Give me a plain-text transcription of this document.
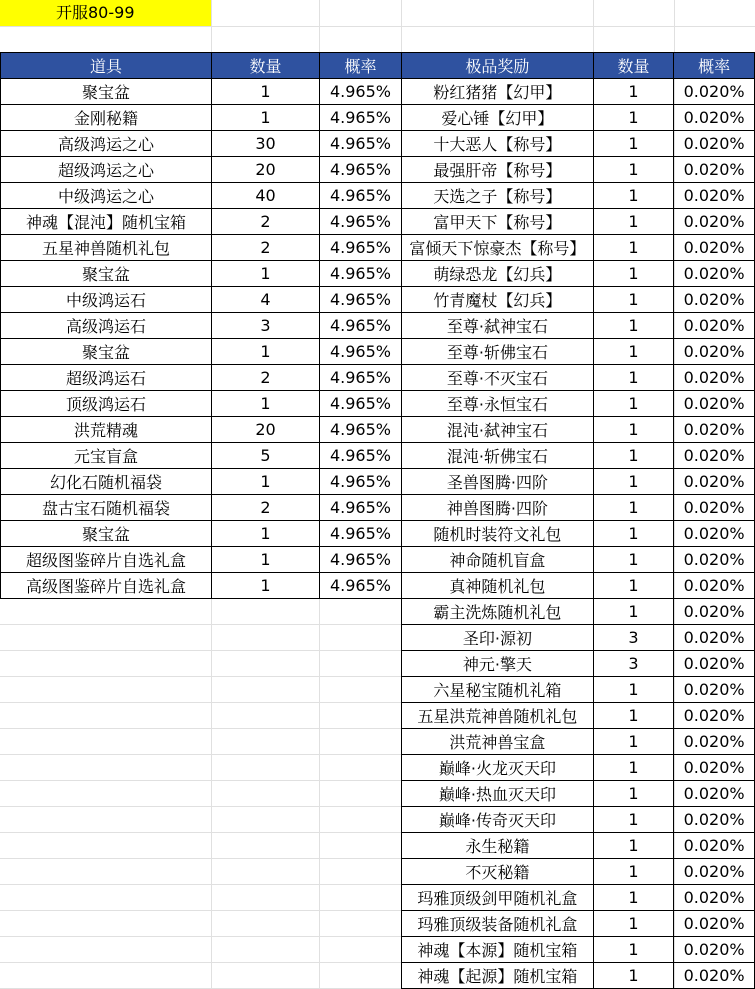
开服80-99
道具	数量	概率
聚宝盆	1	4.965%
金刚秘籍	1	4.965%
高级鸿运之心	30	4.965%
超级鸿运之心	20	4.965%
中级鸿运之心	40	4.965%
神魂【混沌】随机宝箱	2	4.965%
五星神兽随机礼包	2	4.965%
聚宝盆	1	4.965%
中级鸿运石	4	4.965%
高级鸿运石	3	4.965%
聚宝盆	1	4.965%
超级鸿运石	2	4.965%
顶级鸿运石	1	4.965%
洪荒精魂	20	4.965%
元宝盲盒	5	4.965%
幻化石随机福袋	1	4.965%
盘古宝石随机福袋	2	4.965%
聚宝盆	1	4.965%
超级图鉴碎片自选礼盒	1	4.965%
高级图鉴碎片自选礼盒	1	4.965%
极品奖励	数量	概率
粉红猪猪【幻甲】	1	0.020%
爱心锤【幻甲】	1	0.020%
十大恶人【称号】	1	0.020%
最强肝帝【称号】	1	0.020%
天选之子【称号】	1	0.020%
富甲天下【称号】	1	0.020%
富倾天下惊豪杰【称号】	1	0.020%
萌绿恐龙【幻兵】	1	0.020%
竹青魔杖【幻兵】	1	0.020%
至尊·弑神宝石	1	0.020%
至尊·斩佛宝石	1	0.020%
至尊·不灭宝石	1	0.020%
至尊·永恒宝石	1	0.020%
混沌·弑神宝石	1	0.020%
混沌·斩佛宝石	1	0.020%
圣兽图腾·四阶	1	0.020%
神兽图腾·四阶	1	0.020%
随机时装符文礼包	1	0.020%
神命随机盲盒	1	0.020%
真神随机礼包	1	0.020%
霸主洗炼随机礼包	1	0.020%
圣印·源初	3	0.020%
神元·擎天	3	0.020%
六星秘宝随机礼箱	1	0.020%
五星洪荒神兽随机礼包	1	0.020%
洪荒神兽宝盒	1	0.020%
巅峰·火龙灭天印	1	0.020%
巅峰·热血灭天印	1	0.020%
巅峰·传奇灭天印	1	0.020%
永生秘籍	1	0.020%
不灭秘籍	1	0.020%
玛雅顶级剑甲随机礼盒	1	0.020%
玛雅顶级装备随机礼盒	1	0.020%
神魂【本源】随机宝箱	1	0.020%
神魂【起源】随机宝箱	1	0.020%
